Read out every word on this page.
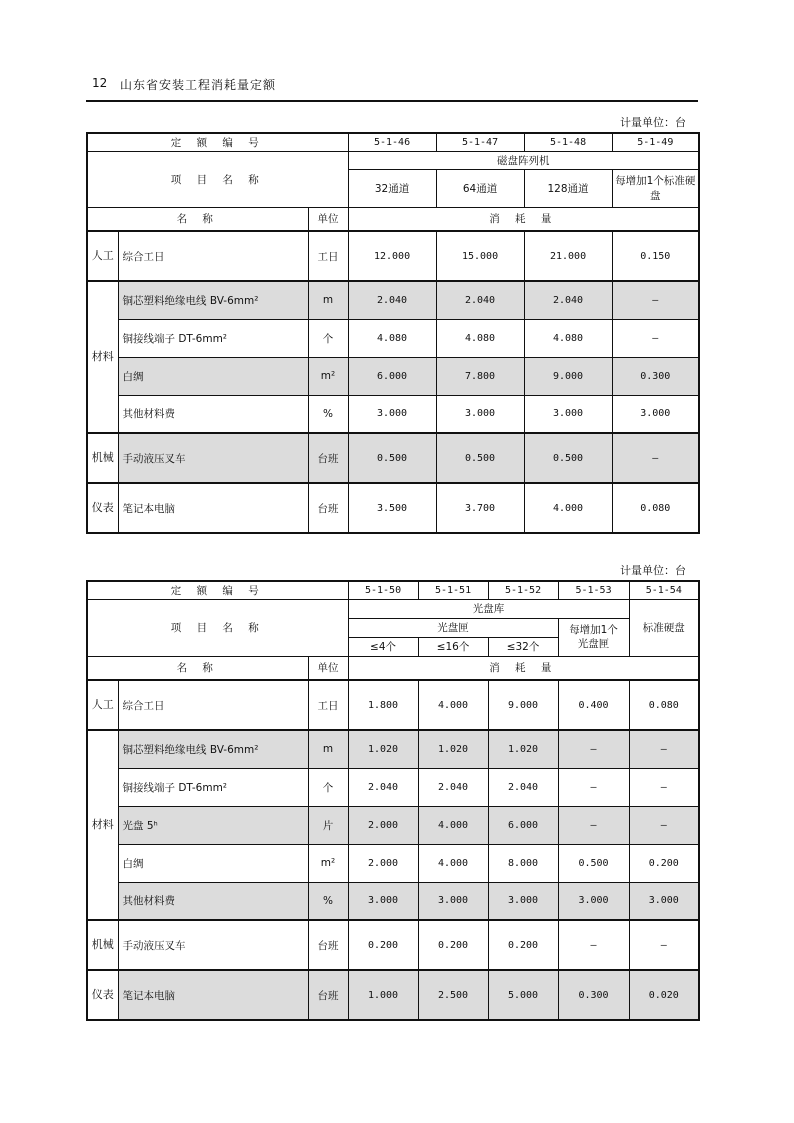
12 山东省安装工程消耗量定额
计量单位：台
定 额 编 号			5-1-46	5-1-47	5-1-48	5-1-49
项 目 名 称			磁盘阵列机			
			32通道	64通道	128通道	每增加1个标准硬盘
名 称		单位	消 耗 量			
人工	综合工日	工日	12.000	15.000	21.000	0.150
材料	铜芯塑料绝缘电线 BV-6mm²	m	2.040	2.040	2.040	—
	铜接线端子 DT-6mm²	个	4.080	4.080	4.080	—
	白绸	m²	6.000	7.800	9.000	0.300
	其他材料费	%	3.000	3.000	3.000	3.000
机械	手动液压叉车	台班	0.500	0.500	0.500	—
仪表	笔记本电脑	台班	3.500	3.700	4.000	0.080
计量单位：台
定 额 编 号			5-1-50	5-1-51	5-1-52	5-1-53	5-1-54
项 目 名 称			光盘库				标准硬盘
			光盘匣			每增加1个光盘匣	
			≤4个	≤16个	≤32个		
名 称		单位	消 耗 量				
人工	综合工日	工日	1.800	4.000	9.000	0.400	0.080
材料	铜芯塑料绝缘电线 BV-6mm²	m	1.020	1.020	1.020	—	—
	铜接线端子 DT-6mm²	个	2.040	2.040	2.040	—	—
	光盘 5ʰ	片	2.000	4.000	6.000	—	—
	白绸	m²	2.000	4.000	8.000	0.500	0.200
	其他材料费	%	3.000	3.000	3.000	3.000	3.000
机械	手动液压叉车	台班	0.200	0.200	0.200	—	—
仪表	笔记本电脑	台班	1.000	2.500	5.000	0.300	0.020
